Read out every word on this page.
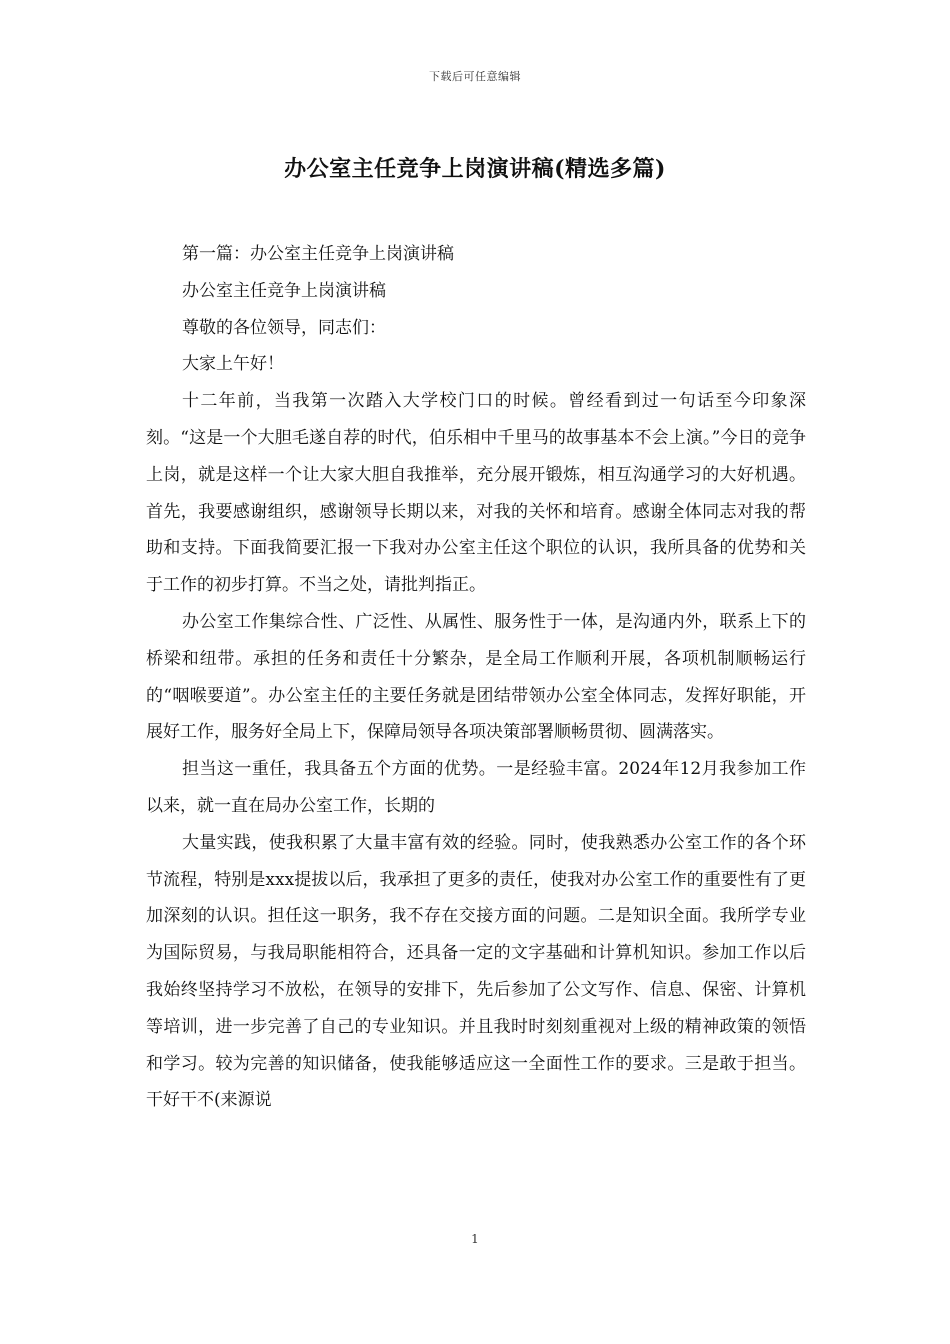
下载后可任意编辑
办公室主任竞争上岗演讲稿(精选多篇)

第一篇：办公室主任竞争上岗演讲稿

办公室主任竞争上岗演讲稿

尊敬的各位领导，同志们：

大家上午好！

十二年前，当我第一次踏入大学校门口的时候。曾经看到过一句话至今印象深刻。“这是一个大胆毛遂自荐的时代，伯乐相中千里马的故事基本不会上演。”今日的竞争上岗，就是这样一个让大家大胆自我推举，充分展开锻炼，相互沟通学习的大好机遇。首先，我要感谢组织，感谢领导长期以来，对我的关怀和培育。感谢全体同志对我的帮助和支持。下面我简要汇报一下我对办公室主任这个职位的认识，我所具备的优势和关于工作的初步打算。不当之处，请批判指正。

办公室工作集综合性、广泛性、从属性、服务性于一体，是沟通内外，联系上下的桥梁和纽带。承担的任务和责任十分繁杂，是全局工作顺利开展，各项机制顺畅运行的“咽喉要道”。办公室主任的主要任务就是团结带领办公室全体同志，发挥好职能，开展好工作，服务好全局上下，保障局领导各项决策部署顺畅贯彻、圆满落实。

担当这一重任，我具备五个方面的优势。一是经验丰富。2024年12月我参加工作以来，就一直在局办公室工作，长期的

大量实践，使我积累了大量丰富有效的经验。同时，使我熟悉办公室工作的各个环节流程，特别是xxx提拔以后，我承担了更多的责任，使我对办公室工作的重要性有了更加深刻的认识。担任这一职务，我不存在交接方面的问题。二是知识全面。我所学专业为国际贸易，与我局职能相符合，还具备一定的文字基础和计算机知识。参加工作以后我始终坚持学习不放松，在领导的安排下，先后参加了公文写作、信息、保密、计算机等培训，进一步完善了自己的专业知识。并且我时时刻刻重视对上级的精神政策的领悟和学习。较为完善的知识储备，使我能够适应这一全面性工作的要求。三是敢于担当。干好干不(来源说

1
